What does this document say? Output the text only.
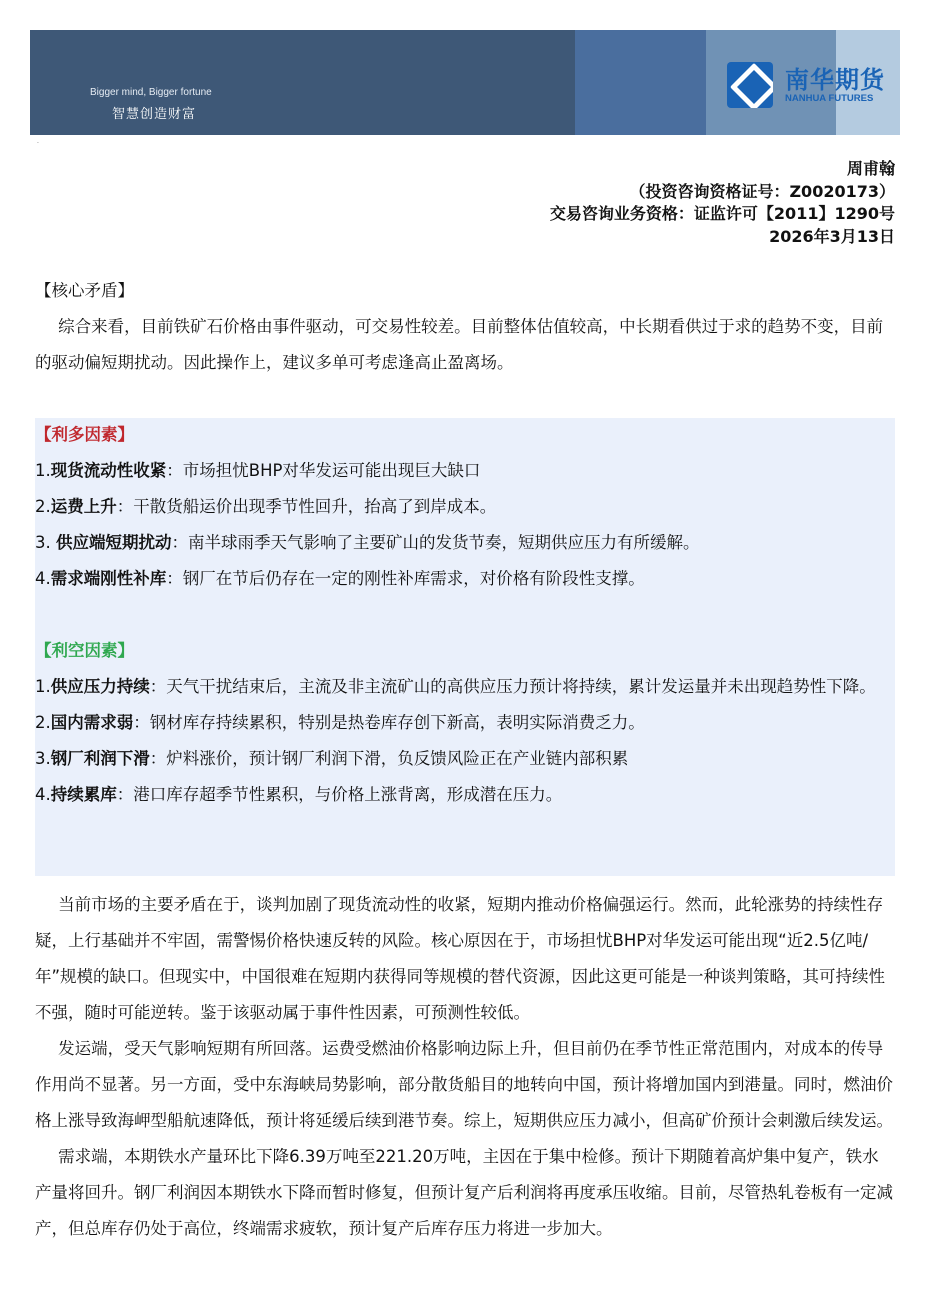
Bigger mind, Bigger fortune
智慧创造财富
南华期货
NANHUA FUTURES
·
周甫翰
（投资咨询资格证号：Z0020173）
交易咨询业务资格：证监许可【2011】1290号
2026年3月13日
【核心矛盾】
综合来看，目前铁矿石价格由事件驱动，可交易性较差。目前整体估值较高，中长期看供过于求的趋势不变，目前的驱动偏短期扰动。因此操作上，建议多单可考虑逢高止盈离场。
【利多因素】
1.现货流动性收紧：市场担忧BHP对华发运可能出现巨大缺口
2.运费上升：干散货船运价出现季节性回升，抬高了到岸成本。
3. 供应端短期扰动：南半球雨季天气影响了主要矿山的发货节奏，短期供应压力有所缓解。
4.需求端刚性补库：钢厂在节后仍存在一定的刚性补库需求，对价格有阶段性支撑。
【利空因素】
1.供应压力持续：天气干扰结束后，主流及非主流矿山的高供应压力预计将持续，累计发运量并未出现趋势性下降。
2.国内需求弱：钢材库存持续累积，特别是热卷库存创下新高，表明实际消费乏力。
3.钢厂利润下滑：炉料涨价，预计钢厂利润下滑，负反馈风险正在产业链内部积累
4.持续累库：港口库存超季节性累积，与价格上涨背离，形成潜在压力。
当前市场的主要矛盾在于，谈判加剧了现货流动性的收紧，短期内推动价格偏强运行。然而，此轮涨势的持续性存疑，上行基础并不牢固，需警惕价格快速反转的风险。核心原因在于，市场担忧BHP对华发运可能出现“近2.5亿吨/年”规模的缺口。但现实中，中国很难在短期内获得同等规模的替代资源，因此这更可能是一种谈判策略，其可持续性不强，随时可能逆转。鉴于该驱动属于事件性因素，可预测性较低。
发运端，受天气影响短期有所回落。运费受燃油价格影响边际上升，但目前仍在季节性正常范围内，对成本的传导作用尚不显著。另一方面，受中东海峡局势影响，部分散货船目的地转向中国，预计将增加国内到港量。同时，燃油价格上涨导致海岬型船航速降低，预计将延缓后续到港节奏。综上，短期供应压力减小，但高矿价预计会刺激后续发运。
需求端，本期铁水产量环比下降6.39万吨至221.20万吨，主因在于集中检修。预计下期随着高炉集中复产，铁水产量将回升。钢厂利润因本期铁水下降而暂时修复，但预计复产后利润将再度承压收缩。目前，尽管热轧卷板有一定减产，但总库存仍处于高位，终端需求疲软，预计复产后库存压力将进一步加大。
